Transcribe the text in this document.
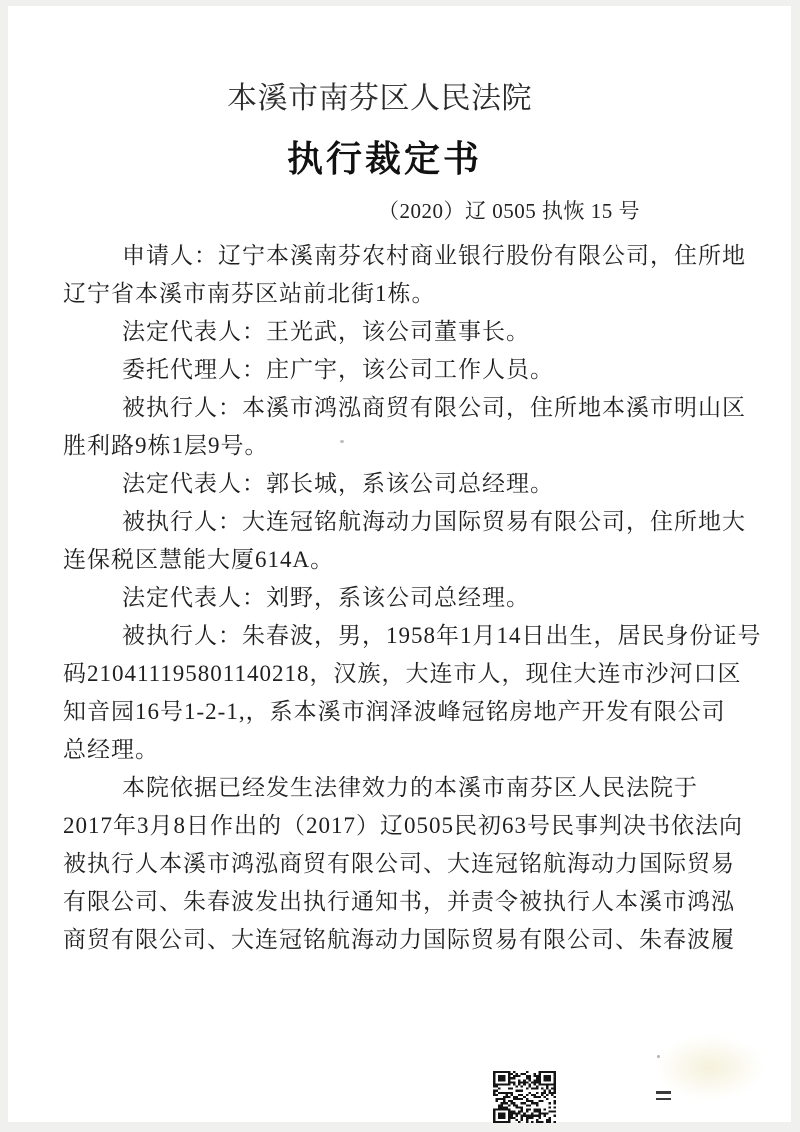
本溪市南芬区人民法院
执行裁定书
（2020）辽 0505 执恢 15 号
申请人：辽宁本溪南芬农村商业银行股份有限公司，住所地
辽宁省本溪市南芬区站前北街1栋。
法定代表人：王光武，该公司董事长。
委托代理人：庄广宇，该公司工作人员。
被执行人：本溪市鸿泓商贸有限公司，住所地本溪市明山区
胜利路9栋1层9号。
法定代表人：郭长城，系该公司总经理。
被执行人：大连冠铭航海动力国际贸易有限公司，住所地大
连保税区慧能大厦614A。
法定代表人：刘野，系该公司总经理。
被执行人：朱春波，男，1958年1月14日出生，居民身份证号
码210411195801140218，汉族，大连市人，现住大连市沙河口区
知音园16号1-2-1,，系本溪市润泽波峰冠铭房地产开发有限公司
总经理。
本院依据已经发生法律效力的本溪市南芬区人民法院于
2017年3月8日作出的（2017）辽0505民初63号民事判决书依法向
被执行人本溪市鸿泓商贸有限公司、大连冠铭航海动力国际贸易
有限公司、朱春波发出执行通知书，并责令被执行人本溪市鸿泓
商贸有限公司、大连冠铭航海动力国际贸易有限公司、朱春波履
